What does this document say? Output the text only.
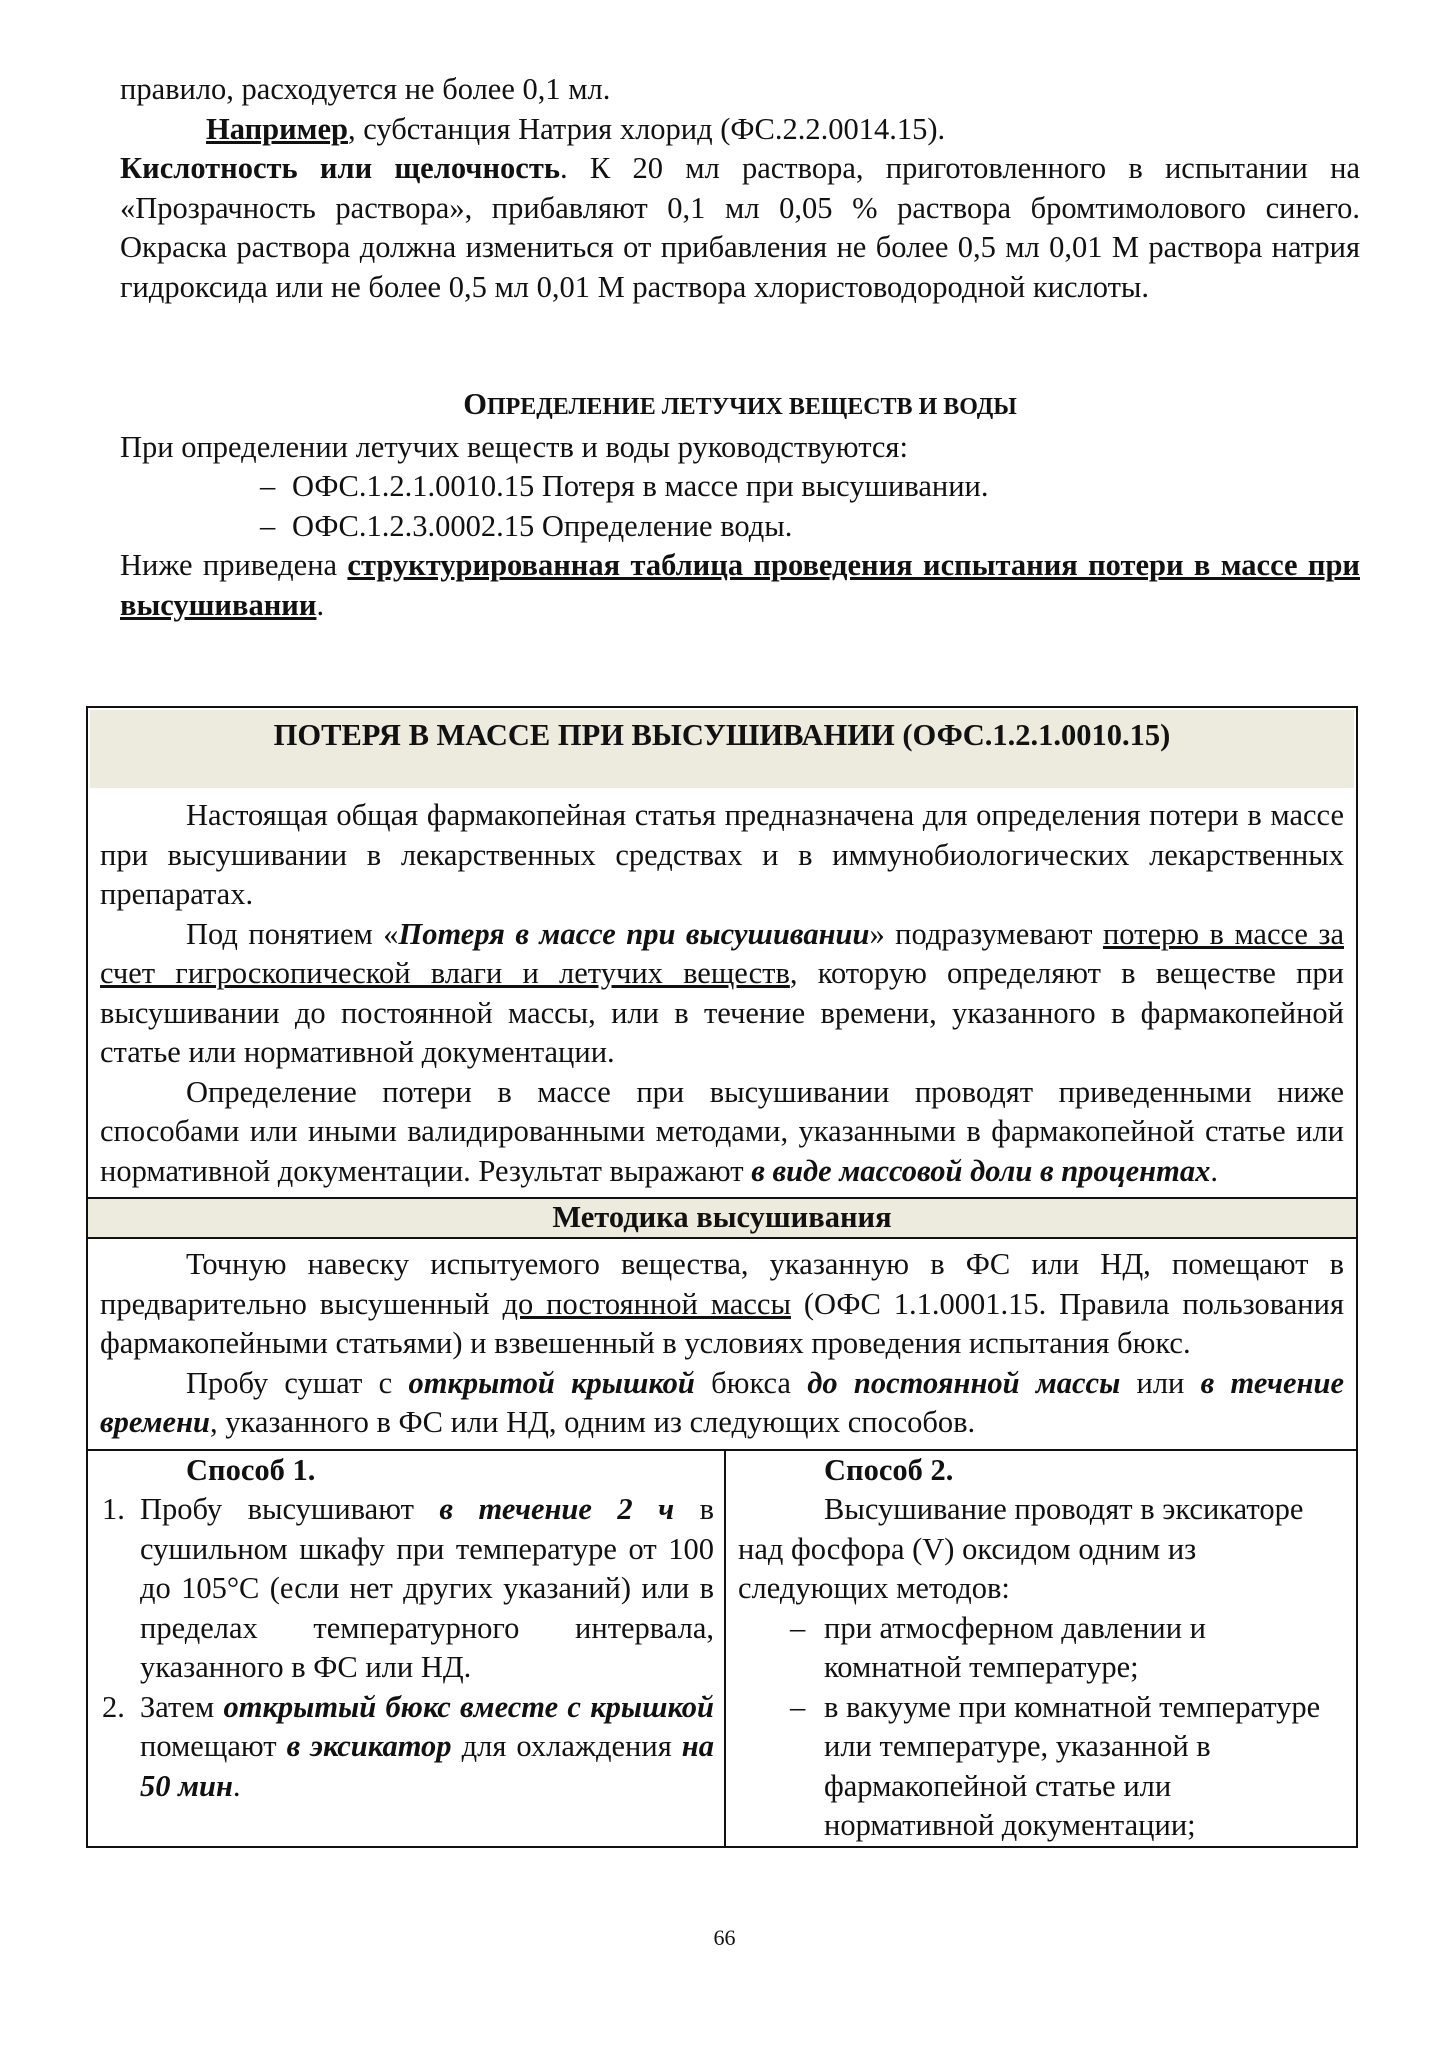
правило, расходуется не более 0,1 мл.

Например, субстанция Натрия хлорид (ФС.2.2.0014.15).

Кислотность или щелочность. К 20 мл раствора, приготовленного в испытании на «Прозрачность раствора», прибавляют 0,1 мл 0,05 % раствора бромтимолового синего. Окраска раствора должна измениться от прибавления не более 0,5 мл 0,01 М раствора натрия гидроксида или не более 0,5 мл 0,01 М раствора хлористоводородной кислоты.

ОПРЕДЕЛЕНИЕ ЛЕТУЧИХ ВЕЩЕСТВ И ВОДЫ

При определении летучих веществ и воды руководствуются:

– ОФС.1.2.1.0010.15 Потеря в массе при высушивании.
– ОФС.1.2.3.0002.15 Определение воды.

Ниже приведена структурированная таблица проведения испытания потери в массе при высушивании.

ПОТЕРЯ В МАССЕ ПРИ ВЫСУШИВАНИИ (ОФС.1.2.1.0010.15)

Настоящая общая фармакопейная статья предназначена для определения потери в массе при высушивании в лекарственных средствах и в иммунобиологических лекарственных препаратах.

Под понятием «Потеря в массе при высушивании» подразумевают потерю в массе за счет гигроскопической влаги и летучих веществ, которую определяют в веществе при высушивании до постоянной массы, или в течение времени, указанного в фармакопейной статье или нормативной документации.

Определение потери в массе при высушивании проводят приведенными ниже способами или иными валидированными методами, указанными в фармакопейной статье или нормативной документации. Результат выражают в виде массовой доли в процентах.

Методика высушивания

Точную навеску испытуемого вещества, указанную в ФС или НД, помещают в предварительно высушенный до постоянной массы (ОФС 1.1.0001.15. Правила пользования фармакопейными статьями) и взвешенный в условиях проведения испытания бюкс.

Пробу сушат с открытой крышкой бюкса до постоянной массы или в течение времени, указанного в ФС или НД, одним из следующих способов.

Способ 1.

1. Пробу высушивают в течение 2 ч в сушильном шкафу при температуре от 100 до 105°С (если нет других указаний) или в пределах температурного интервала, указанного в ФС или НД.
2. Затем открытый бюкс вместе с крышкой помещают в эксикатор для охлаждения на 50 мин.

Способ 2.

Высушивание проводят в эксикаторе над фосфора (V) оксидом одним из следующих методов:

– при атмосферном давлении и комнатной температуре;
– в вакууме при комнатной температуре или температуре, указанной в фармакопейной статье или нормативной документации;
66
